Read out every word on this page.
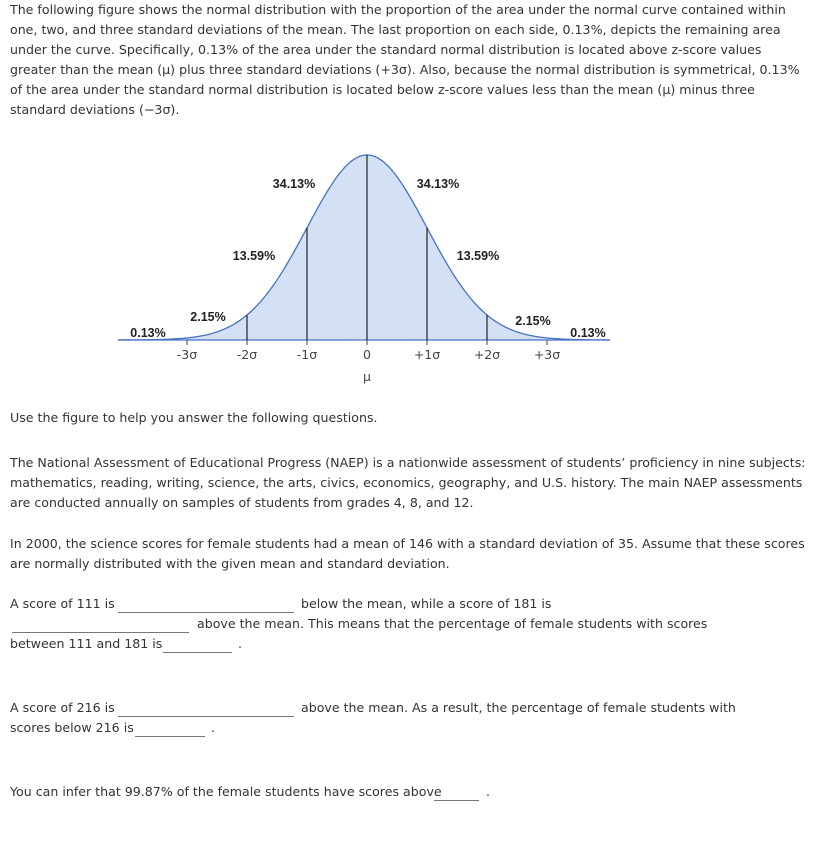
The following figure shows the normal distribution with the proportion of the area under the normal curve contained within one, two, and three standard deviations of the mean. The last proportion on each side, 0.13%, depicts the remaining area under the curve. Specifically, 0.13% of the area under the standard normal distribution is located above z-score values greater than the mean (μ) plus three standard deviations (+3σ). Also, because the normal distribution is symmetrical, 0.13% of the area under the standard normal distribution is located below z-score values less than the mean (μ) minus three standard deviations (−3σ).

-3σ	-2σ	-1σ	0	+1σ	+2σ	+3σ
μ
0.13%
2.15%
13.59%
34.13%	34.13%
13.59%
2.15%
0.13%

Use the figure to help you answer the following questions.

The National Assessment of Educational Progress (NAEP) is a nationwide assessment of students’ proficiency in nine subjects: mathematics, reading, writing, science, the arts, civics, economics, geography, and U.S. history. The main NAEP assessments are conducted annually on samples of students from grades 4, 8, and 12.

In 2000, the science scores for female students had a mean of 146 with a standard deviation of 35. Assume that these scores are normally distributed with the given mean and standard deviation.

A score of 111 is	below the mean, while a score of 181 is
above the mean. This means that the percentage of female students with scores
between 111 and 181 is	.
A score of 216 is	above the mean. As a result, the percentage of female students with
scores below 216 is	.
You can infer that 99.87% of the female students have scores above	.
